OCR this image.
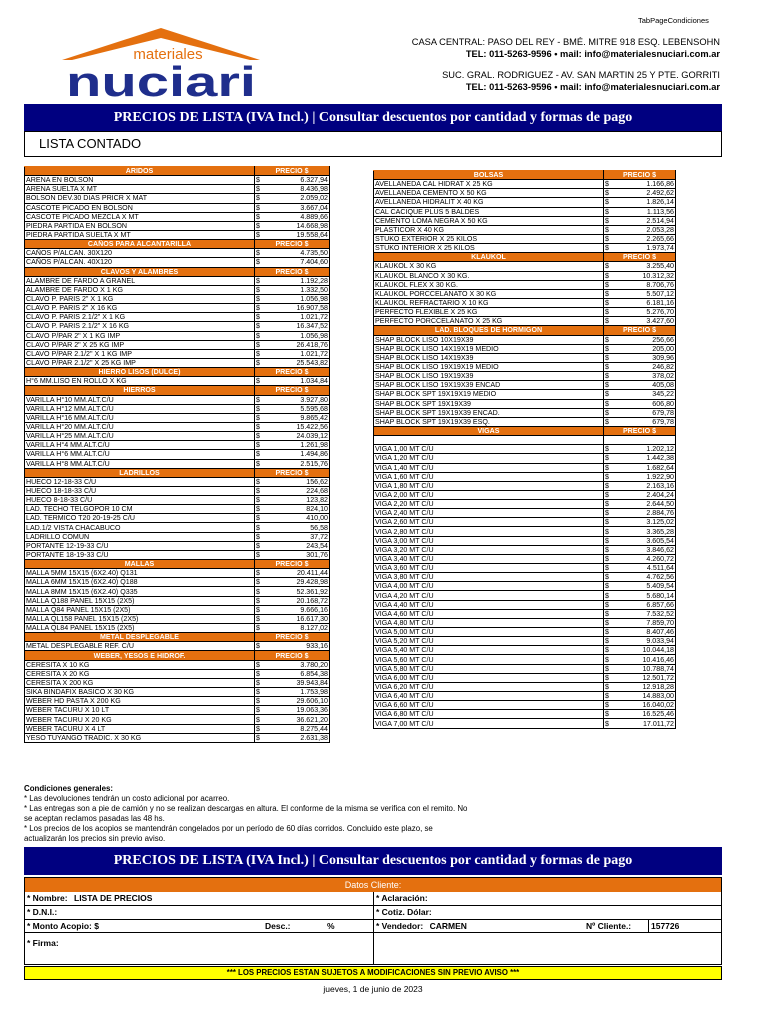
TabPageCondiciones
materiales
nuciari
CASA CENTRAL: PASO DEL REY - BMÉ. MITRE 918 ESQ. LEBENSOHN
TEL: 011-5263-9596 • mail: info@materialesnuciari.com.ar
SUC. GRAL. RODRIGUEZ - AV. SAN MARTIN 25 Y PTE. GORRITI
TEL: 011-5263-9596 • mail: info@materialesnuciari.com.ar
PRECIOS DE LISTA (IVA Incl.) | Consultar descuentos por cantidad y formas de pago
LISTA CONTADO
ARIDOS	PRECIO $	
ARENA EN BOLSON	$	6.327,94
ARENA SUELTA X MT	$	8.436,98
BOLSON DEV.30 DIAS PRICR X MAT	$	2.059,02
CASCOTE PICADO EN BOLSON	$	3.667,04
CASCOTE PICADO MEZCLA X MT	$	4.889,66
PIEDRA PARTIDA EN BOLSON	$	14.668,98
PIEDRA PARTIDA SUELTA X MT	$	19.558,64
CAÑOS PARA ALCANTARILLA	PRECIO $	
CAÑOS P/ALCAN. 30X120	$	4.735,50
CAÑOS P/ALCAN. 40X120	$	7.404,60
CLAVOS Y ALAMBRES	PRECIO $	
ALAMBRE DE FARDO A GRANEL	$	1.192,28
ALAMBRE DE FARDO X 1 KG	$	1.332,50
CLAVO P. PARIS 2" X 1 KG	$	1.056,98
CLAVO P. PARIS 2" X 16 KG	$	16.907,58
CLAVO P. PARIS 2.1/2" X 1 KG	$	1.021,72
CLAVO P. PARIS 2.1/2" X 16 KG	$	16.347,52
CLAVO P/PAR 2" X 1 KG IMP	$	1.056,98
CLAVO P/PAR 2" X 25 KG IMP	$	26.418,76
CLAVO P/PAR 2.1/2" X 1 KG IMP	$	1.021,72
CLAVO P/PAR 2.1/2" X 25 KG IMP	$	25.543,82
HIERRO LISOS (DULCE)	PRECIO $	
H°6 MM.LISO EN ROLLO X KG	$	1.034,84
HIERROS	PRECIO $	
VARILLA H°10 MM.ALT.C/U	$	3.927,80
VARILLA H°12 MM.ALT.C/U	$	5.595,68
VARILLA H°16 MM.ALT.C/U	$	9.865,42
VARILLA H°20 MM.ALT.C/U	$	15.422,56
VARILLA H°25 MM.ALT.C/U	$	24.039,12
VARILLA H°4 MM.ALT.C/U	$	1.261,98
VARILLA H°6 MM.ALT.C/U	$	1.494,86
VARILLA H°8 MM.ALT.C/U	$	2.515,76
LADRILLOS	PRECIO $	
HUECO 12-18-33 C/U	$	156,62
HUECO 18-18-33 C/U	$	224,68
HUECO 8-18-33 C/U	$	123,82
LAD. TECHO TELGOPOR 10 CM	$	824,10
LAD. TERMICO T20 20-19-25 C/U	$	410,00
LAD.1/2 VISTA CHACABUCO	$	56,58
LADRILLO COMUN	$	37,72
PORTANTE 12-19-33 C/U	$	243,54
PORTANTE 18-19-33 C/U	$	301,76
MALLAS	PRECIO $	
MALLA 5MM 15X15 (6X2.40) Q131	$	20.411,44
MALLA 6MM 15X15 (6X2.40) Q188	$	29.428,98
MALLA 8MM 15X15 (6X2.40) Q335	$	52.361,92
MALLA Q188 PANEL 15X15 (2X5)	$	20.168,72
MALLA Q84 PANEL 15X15 (2X5)	$	9.666,16
MALLA QL158 PANEL 15X15 (2X5)	$	16.617,30
MALLA QL84 PANEL 15X15 (2X5)	$	8.127,02
METAL DESPLEGABLE	PRECIO $	
METAL DESPLEGABLE REF. C/U	$	933,16
WEBER, YESOS E HIDROF.	PRECIO $	
CERESITA X 10 KG	$	3.780,20
CERESITA X 20 KG	$	6.854,38
CERESITA X 200 KG	$	39.943,84
SIKA BINDAFIX BASICO X 30 KG	$	1.753,98
WEBER HD PASTA X 200 KG	$	29.606,10
WEBER TACURU X 10 LT	$	19.063,36
WEBER TACURU X 20 KG	$	36.621,20
WEBER TACURU X 4 LT	$	8.275,44
YESO TUYANGO TRADIC. X 30 KG	$	2.631,38
BOLSAS	PRECIO $	
AVELLANEDA CAL HIDRAT X 25 KG	$	1.166,86
AVELLANEDA CEMENTO X 50 KG	$	2.492,62
AVELLANEDA HIDRALIT X 40 KG	$	1.826,14
CAL CACIQUE PLUS 5 BALDES	$	1.113,56
CEMENTO LOMA NEGRA X 50 KG	$	2.514,94
PLASTICOR X 40 KG	$	2.053,28
STUKO EXTERIOR X 25 KILOS	$	2.265,66
STUKO INTERIOR X 25 KILOS	$	1.973,74
KLAUKOL	PRECIO $	
KLAUKOL X 30 KG	$	3.255,40
KLAUKOL BLANCO X 30 KG.	$	10.312,32
KLAUKOL FLEX X 30 KG.	$	8.706,76
KLAUKOL PORCCELANATO X 30 KG	$	5.507,12
KLAUKOL REFRACTARIO X 10 KG	$	6.181,16
PERFECTO FLEXIBLE X 25 KG	$	5.276,70
PERFECTO PORCCELANATO X 25 KG	$	3.427,60
LAD. BLOQUES DE HORMIGON	PRECIO $	
SHAP BLOCK LISO 10X19X39	$	256,66
SHAP BLOCK LISO 14X19X19 MEDIO	$	205,00
SHAP BLOCK LISO 14X19X39	$	309,96
SHAP BLOCK LISO 19X19X19 MEDIO	$	246,82
SHAP BLOCK LISO 19X19X39	$	378,02
SHAP BLOCK LISO 19X19X39 ENCAD	$	405,08
SHAP BLOCK SPT 19X19X19 MEDIO	$	345,22
SHAP BLOCK SPT 19X19X39	$	606,80
SHAP BLOCK SPT 19X19X39 ENCAD.	$	679,78
SHAP BLOCK SPT 19X19X39 ESQ.	$	679,78
VIGAS	PRECIO $	

VIGA 1,00 MT C/U	$	1.202,12
VIGA 1,20 MT C/U	$	1.442,38
VIGA 1,40 MT C/U	$	1.682,64
VIGA 1,60 MT C/U	$	1.922,90
VIGA 1,80 MT C/U	$	2.163,16
VIGA 2,00 MT C/U	$	2.404,24
VIGA 2,20 MT C/U	$	2.644,50
VIGA 2,40 MT C/U	$	2.884,76
VIGA 2,60 MT C/U	$	3.125,02
VIGA 2,80 MT C/U	$	3.365,28
VIGA 3,00 MT C/U	$	3.605,54
VIGA 3,20 MT C/U	$	3.846,62
VIGA 3,40 MT C/U	$	4.260,72
VIGA 3,60 MT C/U	$	4.511,64
VIGA 3,80 MT C/U	$	4.762,56
VIGA 4,00 MT C/U	$	5.409,54
VIGA 4,20 MT C/U	$	5.680,14
VIGA 4,40 MT C/U	$	6.857,66
VIGA 4,60 MT C/U	$	7.532,52
VIGA 4,80 MT C/U	$	7.859,70
VIGA 5,00 MT C/U	$	8.407,46
VIGA 5,20 MT C/U	$	9.033,94
VIGA 5,40 MT C/U	$	10.044,18
VIGA 5,60 MT C/U	$	10.416,46
VIGA 5,80 MT C/U	$	10.788,74
VIGA 6,00 MT C/U	$	12.501,72
VIGA 6,20 MT C/U	$	12.918,28
VIGA 6,40 MT C/U	$	14.883,00
VIGA 6,60 MT C/U	$	16.040,02
VIGA 6,80 MT C/U	$	16.525,46
VIGA 7,00 MT C/U	$	17.011,72
Condiciones generales:
* Las devoluciones tendrán un costo adicional por acarreo.
* Las entregas son a pie de camión y no se realizan descargas en altura. El conforme de la misma se verifica con el remito. No
se aceptan reclamos pasadas las 48 hs.
* Los precios de los acopios se mantendrán congelados por un período de 60 días corridos. Concluido este plazo, se
actualizarán los precios sin previo aviso.
PRECIOS DE LISTA (IVA Incl.) | Consultar descuentos por cantidad y formas de pago
Datos Cliente:
* Nombre: LISTA DE PRECIOS	* Aclaración:
* D.N.I.:	* Cotiz. Dólar:
* Monto Acopio: $	Desc.:	%	* Vendedor: CARMEN	Nº Cliente.: 157726
* Firma:
*** LOS PRECIOS ESTAN SUJETOS A MODIFICACIONES SIN PREVIO AVISO ***
jueves, 1 de junio de 2023
